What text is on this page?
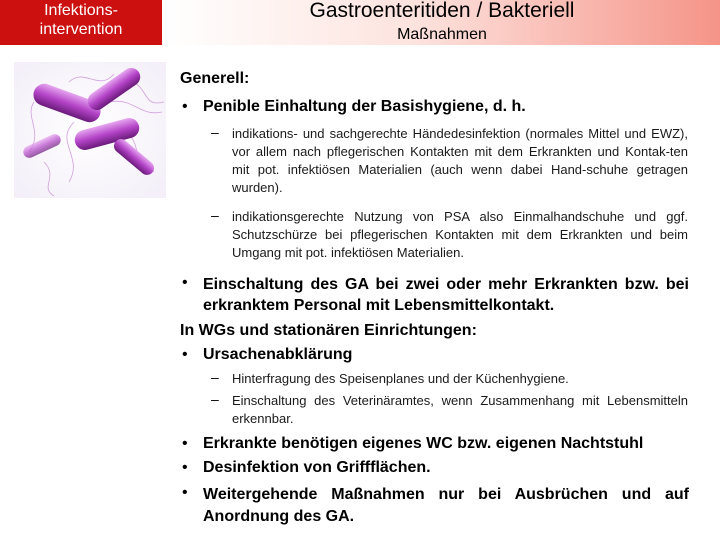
Infektions-
intervention
Gastroenteritiden / Bakteriell
Maßnahmen
Generell:
• Penible Einhaltung der Basishygiene, d. h.
– indikations- und sachgerechte Händedesinfektion (normales Mittel und EWZ), vor allem nach pflegerischen Kontakten mit dem Erkrankten und Kontak-ten mit pot. infektiösen Materialien (auch wenn dabei Hand-schuhe getragen wurden).
– indikationsgerechte Nutzung von PSA also Einmalhandschuhe und ggf. Schutzschürze bei pflegerischen Kontakten mit dem Erkrankten und beim Umgang mit pot. infektiösen Materialien.
• Einschaltung des GA bei zwei oder mehr Erkrankten bzw. bei erkranktem Personal mit Lebensmittelkontakt.
In WGs und stationären Einrichtungen:
• Ursachenabklärung
– Hinterfragung des Speisenplanes und der Küchenhygiene.
– Einschaltung des Veterinäramtes, wenn Zusammenhang mit Lebensmitteln erkennbar.
• Erkrankte benötigen eigenes WC bzw. eigenen Nachtstuhl
• Desinfektion von Griffflächen.
• Weitergehende Maßnahmen nur bei Ausbrüchen und auf Anordnung des GA.
